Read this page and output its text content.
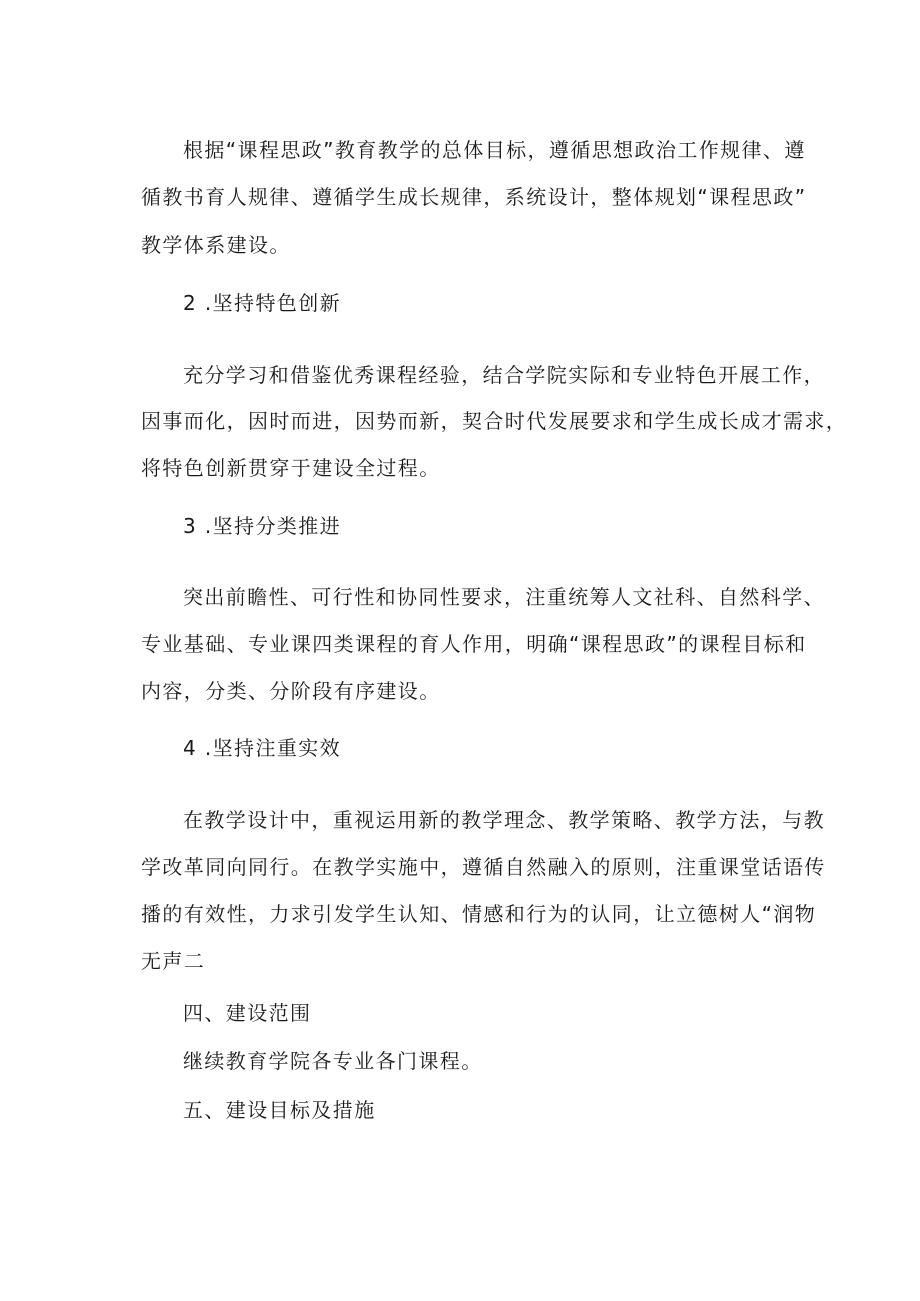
根据“课程思政”教育教学的总体目标，遵循思想政治工作规律、遵
循教书育人规律、遵循学生成长规律，系统设计，整体规划“课程思政”
教学体系建设。
2 .坚持特色创新
充分学习和借鉴优秀课程经验，结合学院实际和专业特色开展工作，
因事而化，因时而进，因势而新，契合时代发展要求和学生成长成才需求，
将特色创新贯穿于建设全过程。
3 .坚持分类推进
突出前瞻性、可行性和协同性要求，注重统筹人文社科、自然科学、
专业基础、专业课四类课程的育人作用，明确“课程思政”的课程目标和
内容，分类、分阶段有序建设。
4 .坚持注重实效
在教学设计中，重视运用新的教学理念、教学策略、教学方法，与教
学改革同向同行。在教学实施中，遵循自然融入的原则，注重课堂话语传
播的有效性，力求引发学生认知、情感和行为的认同，让立德树人“润物
无声二
四、建设范围
继续教育学院各专业各门课程。
五、建设目标及措施
